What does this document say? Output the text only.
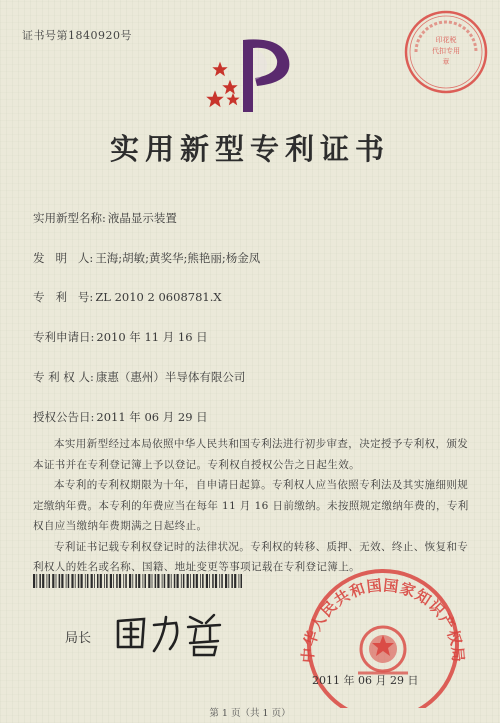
证书号第1840920号	印花税
代扣专用
章
实用新型专利证书
实用新型名称: 液晶显示装置
发   明   人: 王海;胡敏;黄奖华;熊艳丽;杨金凤
专   利   号: ZL 2010 2 0608781.X
专利申请日: 2010 年 11 月 16 日
专 利 权 人: 康惠（惠州）半导体有限公司
授权公告日: 2011 年 06 月 29 日

本实用新型经过本局依照中华人民共和国专利法进行初步审查，决定授予专利权，颁发本证书并在专利登记簿上予以登记。专利权自授权公告之日起生效。

本专利的专利权期限为十年，自申请日起算。专利权人应当依照专利法及其实施细则规定缴纳年费。本专利的年费应当在每年 11 月 16 日前缴纳。未按照规定缴纳年费的，专利权自应当缴纳年费期满之日起终止。

专利证书记载专利权登记时的法律状况。专利权的转移、质押、无效、终止、恢复和专利权人的姓名或名称、国籍、地址变更等事项记载在专利登记簿上。

局长
中华人民共和国国家知识产权局
2011 年 06 月 29 日
第 1 页（共 1 页）
